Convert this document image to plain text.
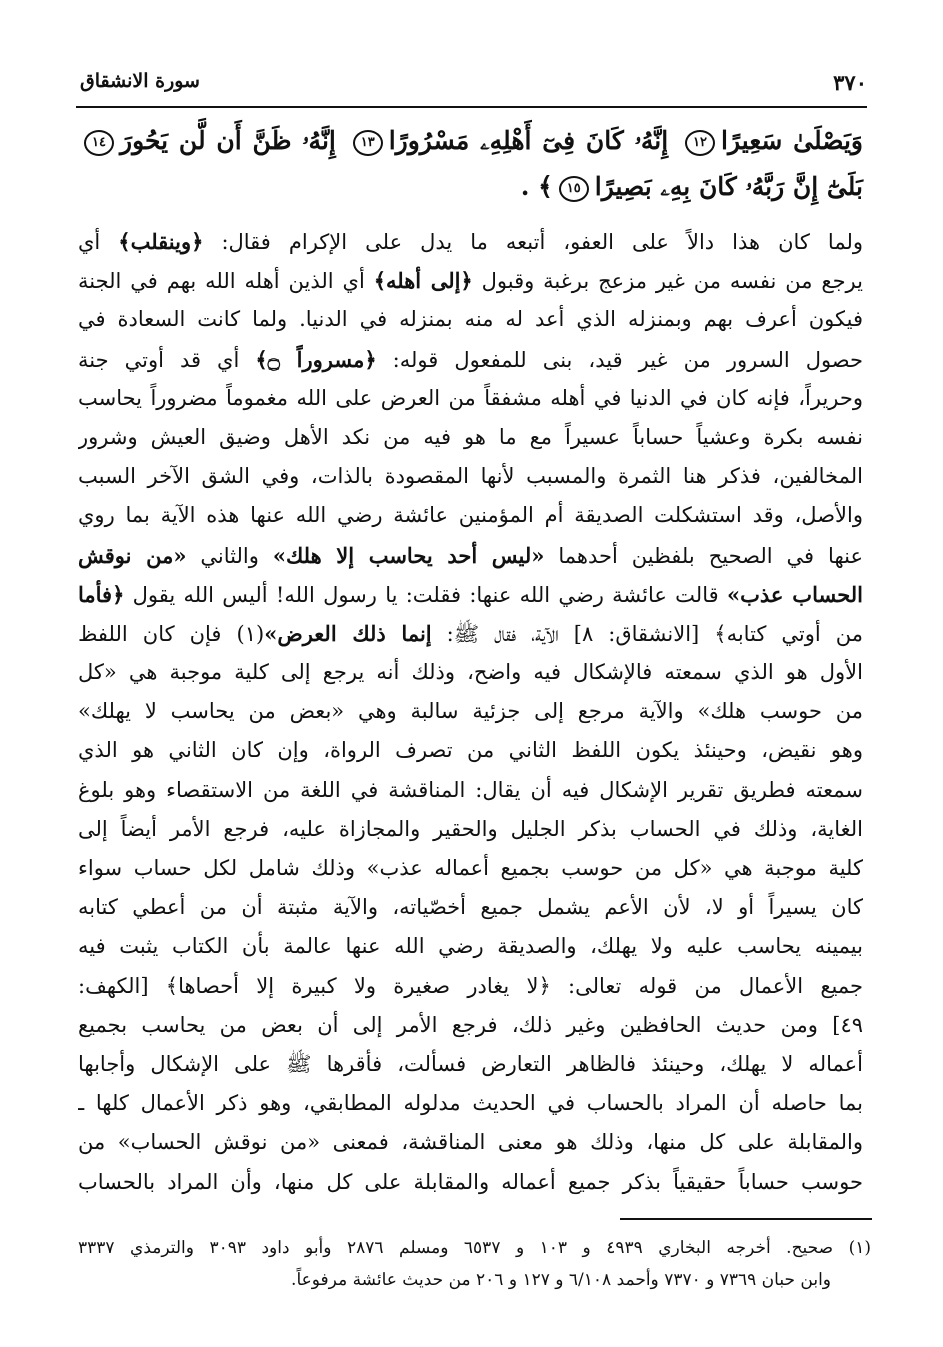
٣٧٠
سورة الانشقاق
وَيَصْلَىٰ سَعِيرًا١٢ إِنَّهُۥ كَانَ فِىٓ أَهْلِهِۦ مَسْرُورًا١٣ إِنَّهُۥ ظَنَّ أَن لَّن يَحُورَ١٤ بَلَىٰٓ إِنَّ رَبَّهُۥ كَانَ بِهِۦ بَصِيرًا١٥﴾ .
ولما كان هذا دالاً على العفو، أتبعه ما يدل على الإكرام فقال: ﴿وينقلب﴾ أي
يرجع من نفسه من غير مزعج برغبة وقبول ﴿إلى أهله﴾ أي الذين أهله الله بهم في الجنة
فيكون أعرف بهم وبمنزله الذي أعد له منه بمنزله في الدنيا. ولما كانت السعادة في
حصول السرور من غير قيد، بنى للمفعول قوله: ﴿مسروراً ۝﴾ أي قد أوتي جنة
وحريراً، فإنه كان في الدنيا في أهله مشفقاً من العرض على الله مغموماً مضروراً يحاسب
نفسه بكرة وعشياً حساباً عسيراً مع ما هو فيه من نكد الأهل وضيق العيش وشرور
المخالفين، فذكر هنا الثمرة والمسبب لأنها المقصودة بالذات، وفي الشق الآخر السبب
والأصل، وقد استشكلت الصديقة أم المؤمنين عائشة رضي الله عنها هذه الآية بما روي
عنها في الصحيح بلفظين أحدهما «ليس أحد يحاسب إلا هلك» والثاني «من نوقش
الحساب عذب» قالت عائشة رضي الله عنها: فقلت: يا رسول الله! أليس الله يقول ﴿فأما
من أوتي كتابه﴾ [الانشقاق: ٨] الآية، فقال ﷺ: إنما ذلك العرض»(١) فإن كان اللفظ
الأول هو الذي سمعته فالإشكال فيه واضح، وذلك أنه يرجع إلى كلية موجبة هي «كل
من حوسب هلك» والآية مرجع إلى جزئية سالبة وهي «بعض من يحاسب لا يهلك»
وهو نقيض، وحينئذ يكون اللفظ الثاني من تصرف الرواة، وإن كان الثاني هو الذي
سمعته فطريق تقرير الإشكال فيه أن يقال: المناقشة في اللغة من الاستقصاء وهو بلوغ
الغاية، وذلك في الحساب بذكر الجليل والحقير والمجازاة عليه، فرجع الأمر أيضاً إلى
كلية موجبة هي «كل من حوسب بجميع أعماله عذب» وذلك شامل لكل حساب سواء
كان يسيراً أو لا، لأن الأعم يشمل جميع أخصّياته، والآية مثبتة أن من أعطي كتابه
بيمينه يحاسب عليه ولا يهلك، والصديقة رضي الله عنها عالمة بأن الكتاب يثبت فيه
جميع الأعمال من قوله تعالى: ﴿لا يغادر صغيرة ولا كبيرة إلا أحصاها﴾ [الكهف:
٤٩] ومن حديث الحافظين وغير ذلك، فرجع الأمر إلى أن بعض من يحاسب بجميع
أعماله لا يهلك، وحينئذ فالظاهر التعارض فسألت، فأقرها ﷺ على الإشكال وأجابها
بما حاصله أن المراد بالحساب في الحديث مدلوله المطابقي، وهو ذكر الأعمال كلها ـ
والمقابلة على كل منها، وذلك هو معنى المناقشة، فمعنى «من نوقش الحساب» من
حوسب حساباً حقيقياً بذكر جميع أعماله والمقابلة على كل منها، وأن المراد بالحساب
(١) صحيح. أخرجه البخاري ٤٩٣٩ و ١٠٣ و ٦٥٣٧ ومسلم ٢٨٧٦ وأبو داود ٣٠٩٣ والترمذي ٣٣٣٧
وابن حبان ٧٣٦٩ و ٧٣٧٠ وأحمد ٦/١٠٨ و ١٢٧ و ٢٠٦ من حديث عائشة مرفوعاً.
